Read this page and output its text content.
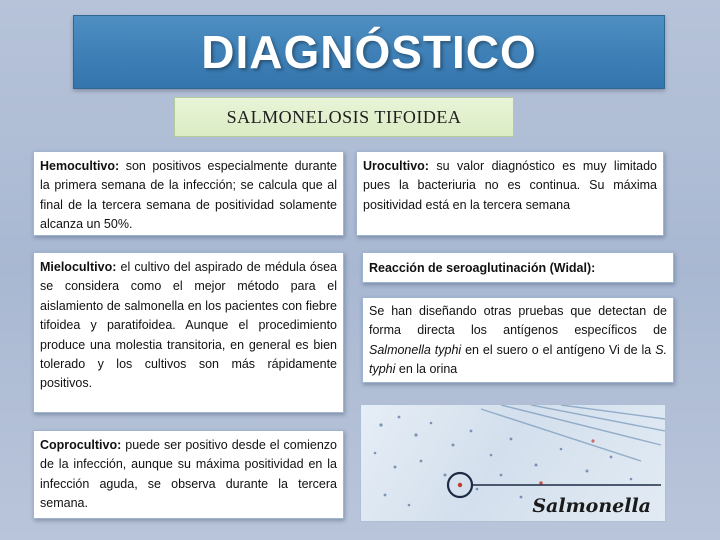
DIAGNÓSTICO
SALMONELOSIS TIFOIDEA
Hemocultivo: son positivos especialmente durante la primera semana de la infección; se calcula que al final de la tercera semana de positividad solamente alcanza un 50%.
Urocultivo: su valor diagnóstico es muy limitado pues la bacteriuria no es continua. Su máxima positividad está en la tercera semana
Mielocultivo: el cultivo del aspirado de médula ósea se considera como el mejor método para el aislamiento de salmonella en los pacientes con fiebre tifoidea y paratifoidea. Aunque el procedimiento produce una molestia transitoria, en general es bien tolerado y los cultivos son más rápidamente positivos.
Reacción de seroaglutinación (Widal):
Se han diseñando otras pruebas que detectan de forma directa los antígenos específicos de Salmonella typhi en el suero o el antígeno Vi de la S. typhi en la orina
Coprocultivo: puede ser positivo desde el comienzo de la infección, aunque su máxima positividad en la infección aguda, se observa durante la tercera semana.	Salmonella
